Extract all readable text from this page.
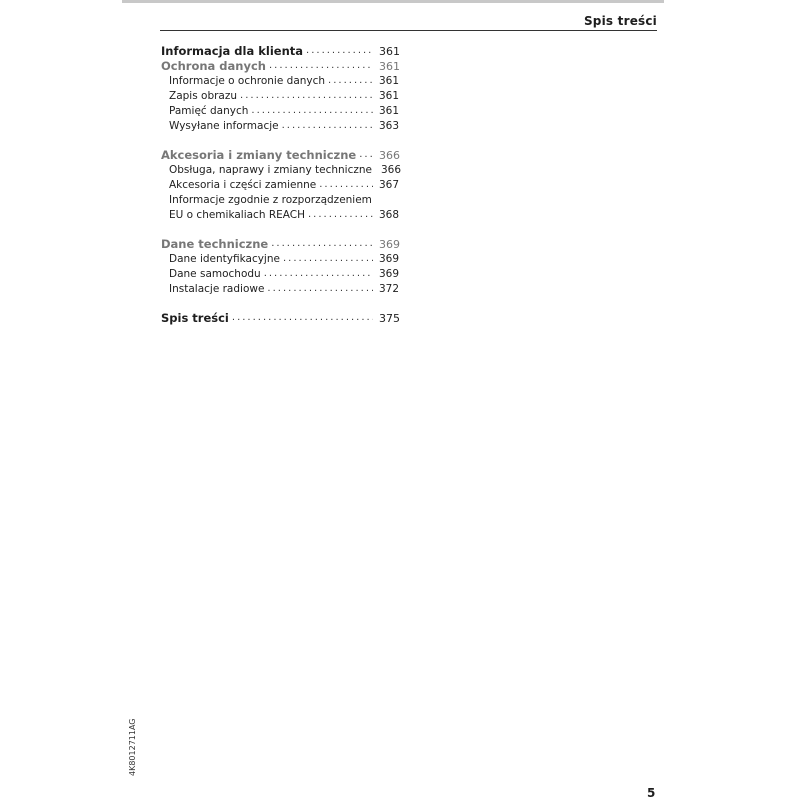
Spis treści
Informacja dla klienta .....	361
Ochrona danych .....	361
Informacje o ochronie danych .....	361
Zapis obrazu .....	361
Pamięć danych .....	361
Wysyłane informacje .....	363
Akcesoria i zmiany techniczne ..... 366
Obsługa, naprawy i zmiany techniczne ..... 366
Akcesoria i części zamienne .....	367
Informacje zgodnie z rozporządzeniem
EU o chemikaliach REACH .....	368
Dane techniczne .....	369
Dane identyfikacyjne .....	369
Dane samochodu .....	369
Instalacje radiowe .....	372
Spis treści .....	375
4K8012711AG
5
